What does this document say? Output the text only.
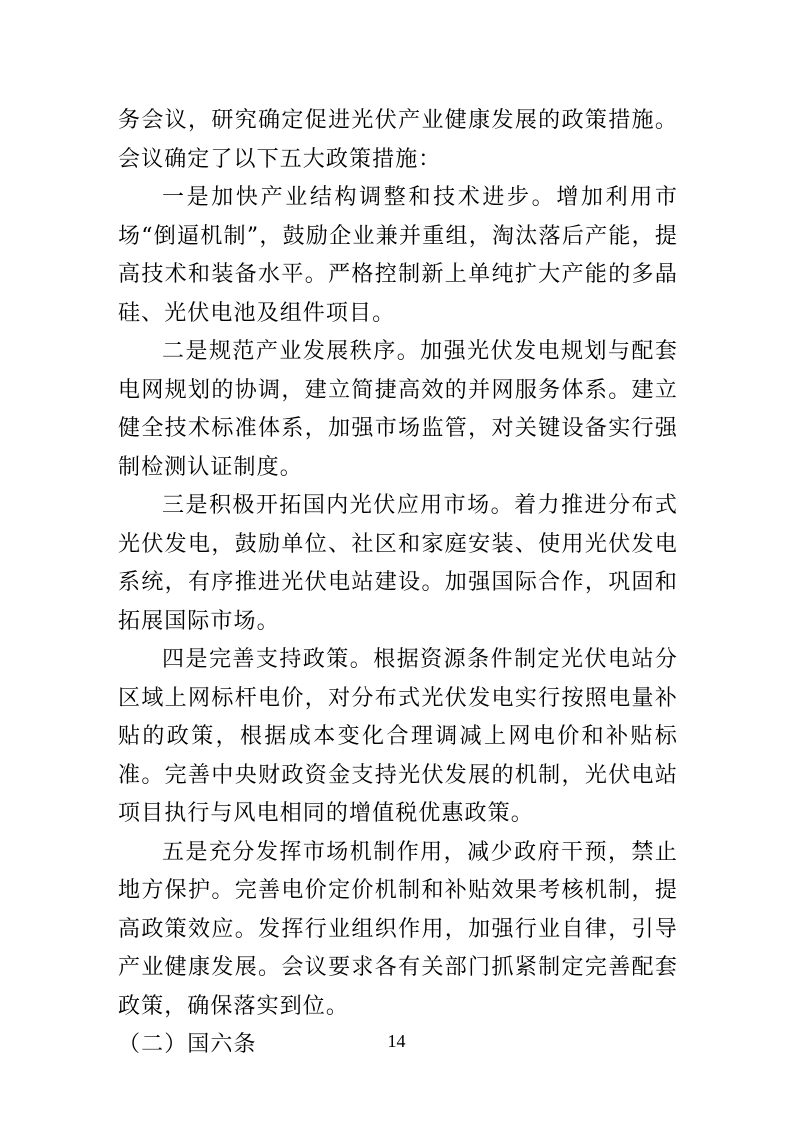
务会议，研究确定促进光伏产业健康发展的政策措施。会议确定了以下五大政策措施：

一是加快产业结构调整和技术进步。增加利用市场“倒逼机制”，鼓励企业兼并重组，淘汰落后产能，提高技术和装备水平。严格控制新上单纯扩大产能的多晶硅、光伏电池及组件项目。

二是规范产业发展秩序。加强光伏发电规划与配套电网规划的协调，建立简捷高效的并网服务体系。建立健全技术标准体系，加强市场监管，对关键设备实行强制检测认证制度。

三是积极开拓国内光伏应用市场。着力推进分布式光伏发电，鼓励单位、社区和家庭安装、使用光伏发电系统，有序推进光伏电站建设。加强国际合作，巩固和拓展国际市场。

四是完善支持政策。根据资源条件制定光伏电站分区域上网标杆电价，对分布式光伏发电实行按照电量补贴的政策，根据成本变化合理调减上网电价和补贴标准。完善中央财政资金支持光伏发展的机制，光伏电站项目执行与风电相同的增值税优惠政策。

五是充分发挥市场机制作用，减少政府干预，禁止地方保护。完善电价定价机制和补贴效果考核机制，提高政策效应。发挥行业组织作用，加强行业自律，引导产业健康发展。会议要求各有关部门抓紧制定完善配套政策，确保落实到位。

（二）国六条	14
